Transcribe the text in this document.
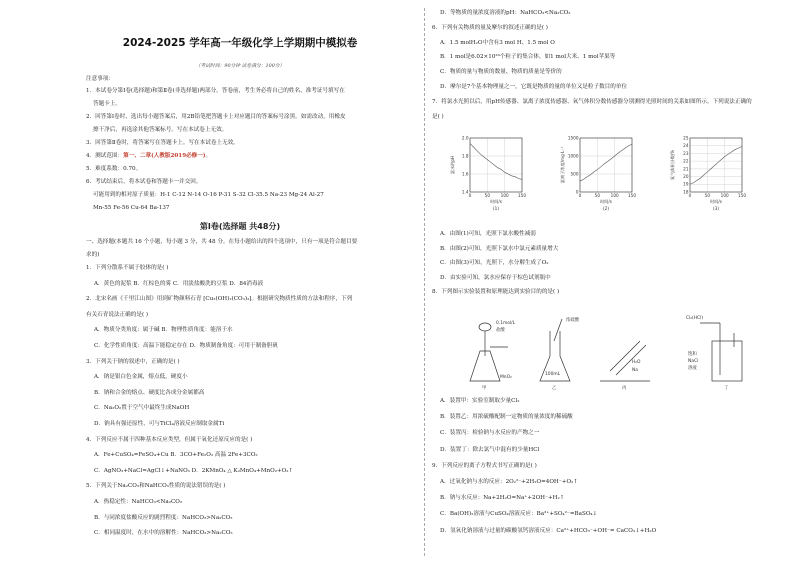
2024-2025 学年高一年级化学上学期期中模拟卷
（考试时间：90分钟 试卷满分：100分）
注意事项：
1．本试卷分第Ⅰ卷(选择题)和第Ⅱ卷(非选择题)两部分。答卷前，考生务必将自己的姓名、准考证号填写在
答题卡上。
2．回答第Ⅰ卷时，选出每小题答案后，用2B铅笔把答题卡上对应题目的答案标号涂黑。如需改动，用橡皮
擦干净后，再选涂其他答案标号。写在本试卷上无效。
3．回答第Ⅱ卷时，将答案写在答题卡上。写在本试卷上无效。
4．测试范围：第一、二章(人教版2019必修一)。
5．难度系数：0.70。
6．考试结束后，将本试卷和答题卡一并交回。
可能用到的相对原子质量：H-1 C-12 N-14 O-16 P-31 S-32 Cl-35.5 Na-23 Mg-24 Al-27
Mn-55 Fe-56 Cu-64 Ba-137
第Ⅰ卷(选择题 共48分)
一、选择题(本题共 16 个小题，每小题 3 分，共 48 分。在每小题给出的四个选项中，只有一项是符合题目要
求的)
1．下列分散系不属于胶体的是( )
A．黄色的泥浆 B．红棕色的雾 C．用淡盐酸洗的豆浆 D．84消毒液
2．北宋名画《千里江山图》用到矿物颜料石青 [Cu₃(OH)₂(CO₃)₂]。根据研究物质性质的方法和程序，下列
有关石青说法正确的是( )
A．物质分类角度：属于碱 B．物理性质角度：能溶于水
C．化学性质角度：高温下能稳定存在 D．物质制备角度：可用于制备胆矾
3．下列关于钠的叙述中，正确的是( )
A．钠是银白色金属，熔点低，硬度小
B．钠和合金的熔点、硬度比各成分金属都高
C．Na₂O₂置于空气中最终生成NaOH
D．钠具有强还原性，可与TiCl₄溶液反应制取金属Ti
4．下列反应不属于四种基本反应类型，但属于氧化还原反应的是( )
A．Fe+CuSO₄=FeSO₄+Cu B．3CO+Fe₂O₃ 高温 2Fe+3CO₂
C．AgNO₃+NaCl=AgCl↓+NaNO₃ D．2KMnO₄ △ K₂MnO₄+MnO₂+O₂↑
5．下列关于Na₂CO₃和NaHCO₃性质的说法错误的是( )
A．热稳定性：NaHCO₃<Na₂CO₃
B．与同浓度盐酸反应的剧烈程度：NaHCO₃>Na₂CO₃
C．相同温度时，在水中的溶解性：NaHCO₃>Na₂CO₃
D．等物质的量浓度溶液的pH：NaHCO₃<Na₂CO₃
6．下列有关物质的量及摩尔的叙述正确的是( )
A．1.5 molH₂O中含有3 mol H、1.5 mol O
B．1 mol是6.02×10²³个粒子的集合体，如1 mol大米、1 mol苹果等
C．物质的量与物质的数量、物质的质量是等价的
D．摩尔是7个基本物理量之一，它既是物质的量的单位又是粒子数目的单位
7．将氯水光照以后，用pH传感器、氯离子浓度传感器、氧气体积分数传感器分别测得光照时间的关系如图所示。下列说法正确的
是( )
1.4
1.6
1.8
2.0
0	50	100 150
时间/s
氯水的pH
(1)
0
500
1000
1500
0	50	100 150
时间/s
氯离子浓度/mg·L⁻¹
(2)
18
19
20
21
22
23
24
25
0	50	100 150
时间/s
氧气体积分数/%
(3)
A．由图(1)可知，光照下氯水酸性减弱
B．由图(2)可知，光照下氯水中氯元素质量增大
C．由图(3)可知，光照下，水分解生成了O₂
D．由实验可知，氯水应保存于棕色试剂瓶中
8．下列图示实验装置和原理能达到实验目的的是( )
0.1mol/L
盐酸
MnO₂
甲
浓硫酸
100mL
乙
H₂O
Na
丙
Cl₂(HCl)
饱和
NaCl
溶液
丁
A．装置甲：实验室制取少量Cl₂
B．装置乙：用浓硫酸配制一定物质的量浓度的稀硫酸
C．装置丙：检验钠与水反应的产物之一
D．装置丁：除去氯气中混有的少量HCl
9．下列反应的离子方程式书写正确的是( )
A．过氧化钠与水的反应：2O₂²⁻+2H₂O=4OH⁻+O₂↑
B．钠与水反应：Na+2H₂O=Na⁺+2OH⁻+H₂↑
C．Ba(OH)₂溶液与CuSO₄溶液反应：Ba²⁺+SO₄²⁻=BaSO₄↓
D．氢氧化钠溶液与过量的碳酸氢钙溶液反应：Ca²⁺+HCO₃⁻+OH⁻= CaCO₃↓+H₂O
